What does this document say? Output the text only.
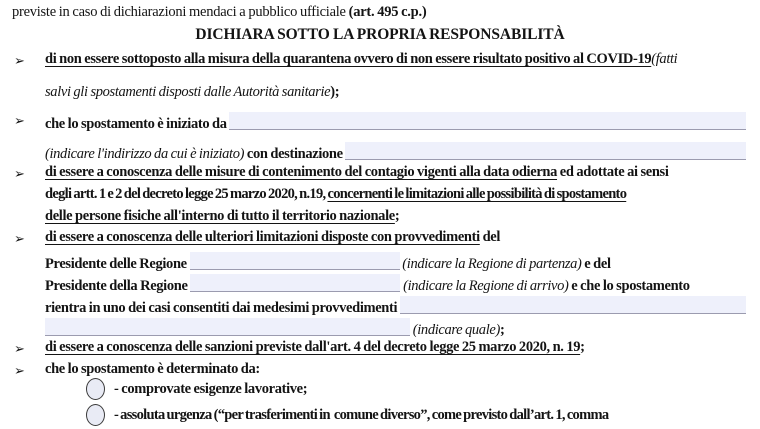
previste in caso di dichiarazioni mendaci a pubblico ufficiale (art. 495 c.p.)
DICHIARA SOTTO LA PROPRIA RESPONSABILITÀ
➢ di non essere sottoposto alla misura della quarantena ovvero di non essere risultato positivo al COVID-19 (fatti
salvi gli spostamenti disposti dalle Autorità sanitarie );
➢ che lo spostamento è iniziato da
(indicare l'indirizzo da cui è iniziato) con destinazione
➢ di essere a conoscenza delle misure di contenimento del contagio vigenti alla data odierna ed adottate ai sensi
degli artt. 1 e 2 del decreto legge 25 marzo 2020, n.19, concernenti le limitazioni alle possibilità di spostamento
delle persone fisiche all'interno di tutto il territorio nazionale ;
➢ di essere a conoscenza delle ulteriori limitazioni disposte con provvedimenti del
Presidente delle Regione	(indicare la Regione di partenza) e del
Presidente della Regione	(indicare la Regione di arrivo) e che lo spostamento
rientra in uno dei casi consentiti dai medesimi provvedimenti
(indicare quale) ;
➢ di essere a conoscenza delle sanzioni previste dall'art. 4 del decreto legge 25 marzo 2020, n. 19 ;
➢ che lo spostamento è determinato da:
- comprovate esigenze lavorative;
- assoluta urgenza (“per trasferimenti in  comune diverso”, come previsto dall’art. 1, comma
